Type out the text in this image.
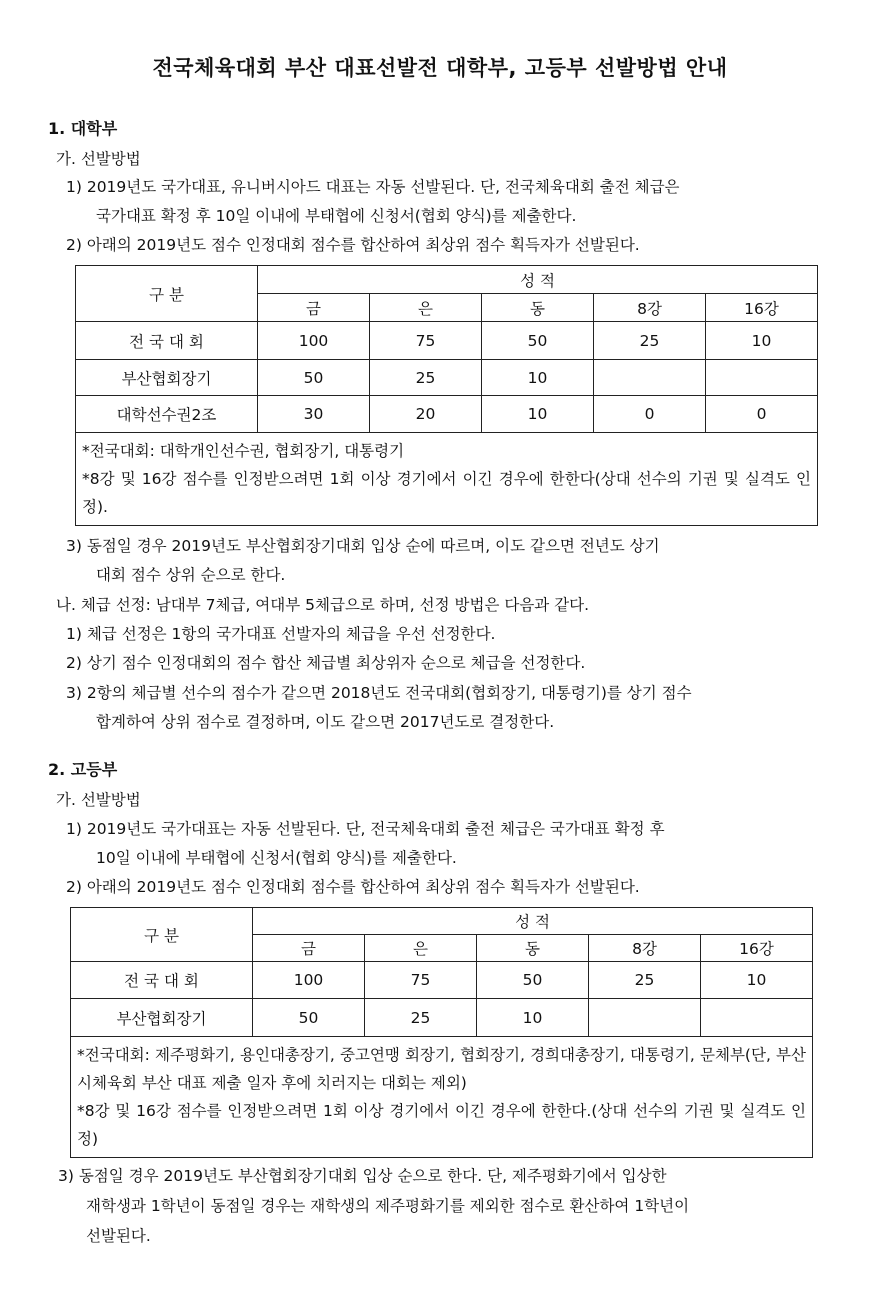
전국체육대회 부산 대표선발전 대학부, 고등부 선발방법 안내
1. 대학부
가. 선발방법
1) 2019년도 국가대표, 유니버시아드 대표는 자동 선발된다. 단, 전국체육대회 출전 체급은
국가대표 확정 후 10일 이내에 부태협에 신청서(협회 양식)를 제출한다.
2) 아래의 2019년도 점수 인정대회 점수를 합산하여 최상위 점수 획득자가 선발된다.
구 분	성 적				
	금	은	동	8강	16강
전 국 대 회	100	75	50	25	10
부산협회장기	50	25	10		
대학선수권2조	30	20	10	0	0

*전국대회: 대학개인선수권, 협회장기, 대통령기
*8강 및 16강 점수를 인정받으려면 1회 이상 경기에서 이긴 경우에 한한다(상대 선수의 기권 및 실격도 인정).					
3) 동점일 경우 2019년도 부산협회장기대회 입상 순에 따르며, 이도 같으면 전년도 상기
대회 점수 상위 순으로 한다.
나. 체급 선정: 남대부 7체급, 여대부 5체급으로 하며, 선정 방법은 다음과 같다.
1) 체급 선정은 1항의 국가대표 선발자의 체급을 우선 선정한다.
2) 상기 점수 인정대회의 점수 합산 체급별 최상위자 순으로 체급을 선정한다.
3) 2항의 체급별 선수의 점수가 같으면 2018년도 전국대회(협회장기, 대통령기)를 상기 점수
합계하여 상위 점수로 결정하며, 이도 같으면 2017년도로 결정한다.
2. 고등부
가. 선발방법
1) 2019년도 국가대표는 자동 선발된다. 단, 전국체육대회 출전 체급은 국가대표 확정 후
10일 이내에 부태협에 신청서(협회 양식)를 제출한다.
2) 아래의 2019년도 점수 인정대회 점수를 합산하여 최상위 점수 획득자가 선발된다.
구 분	성 적				
	금	은	동	8강	16강
전 국 대 회	100	75	50	25	10
부산협회장기	50	25	10		

*전국대회: 제주평화기, 용인대총장기, 중고연맹 회장기, 협회장기, 경희대총장기, 대통령기, 문체부(단, 부산시체육회 부산 대표 제출 일자 후에 치러지는 대회는 제외)
*8강 및 16강 점수를 인정받으려면 1회 이상 경기에서 이긴 경우에 한한다.(상대 선수의 기권 및 실격도 인정)					
3) 동점일 경우 2019년도 부산협회장기대회 입상 순으로 한다. 단, 제주평화기에서 입상한
재학생과 1학년이 동점일 경우는 재학생의 제주평화기를 제외한 점수로 환산하여 1학년이
선발된다.
